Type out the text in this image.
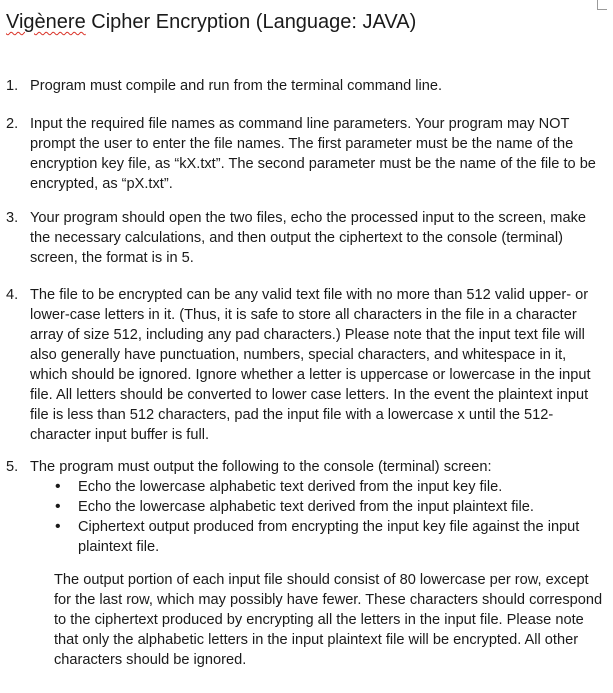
Vigènere Cipher Encryption (Language: JAVA)
1. Program must compile and run from the terminal command line.
2. Input the required file names as command line parameters. Your program may NOT prompt the user to enter the file names. The first parameter must be the name of the encryption key file, as “kX.txt”. The second parameter must be the name of the file to be encrypted, as “pX.txt”.
3. Your program should open the two files, echo the processed input to the screen, make the necessary calculations, and then output the ciphertext to the console (terminal) screen, the format is in 5.
4. The file to be encrypted can be any valid text file with no more than 512 valid upper- or lower-case letters in it. (Thus, it is safe to store all characters in the file in a character array of size 512, including any pad characters.) Please note that the input text file will also generally have punctuation, numbers, special characters, and whitespace in it, which should be ignored. Ignore whether a letter is uppercase or lowercase in the input file. All letters should be converted to lower case letters. In the event the plaintext input file is less than 512 characters, pad the input file with a lowercase x until the 512-character input buffer is full.
5. The program must output the following to the console (terminal) screen:
• Echo the lowercase alphabetic text derived from the input key file.
• Echo the lowercase alphabetic text derived from the input plaintext file.
• Ciphertext output produced from encrypting the input key file against the input plaintext file.
The output portion of each input file should consist of 80 lowercase per row, except for the last row, which may possibly have fewer. These characters should correspond to the ciphertext produced by encrypting all the letters in the input file. Please note that only the alphabetic letters in the input plaintext file will be encrypted. All other characters should be ignored.
